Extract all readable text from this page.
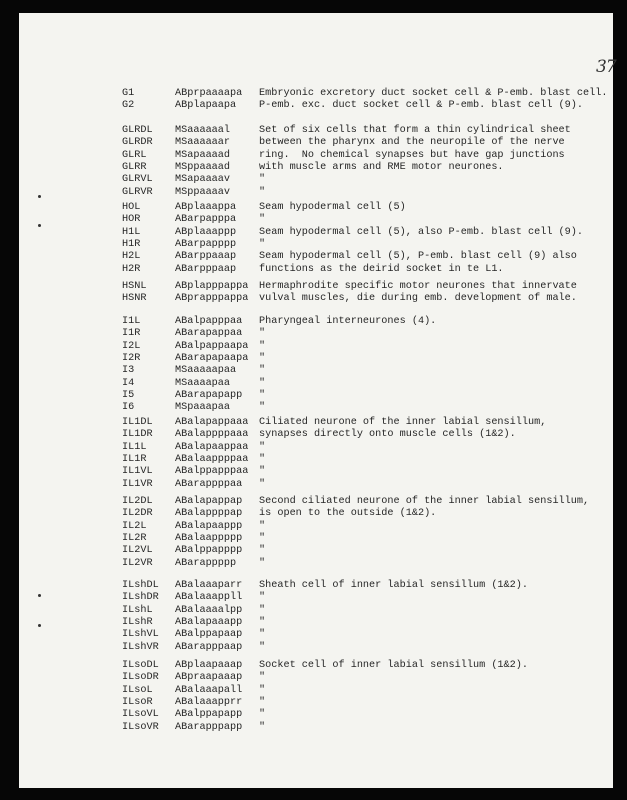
37
G1	ABprpaaaapa Embryonic excretory duct socket cell & P-emb. blast cell.
G2	ABplapaapa P-emb. exc. duct socket cell & P-emb. blast cell (9).
GLRDL MSaaaaaal	Set of six cells that form a thin cylindrical sheet
GLRDR MSaaaaaar	between the pharynx and the neuropile of the nerve
GLRL	MSapaaaad	ring.  No chemical synapses but have gap junctions
GLRR	MSppaaaad	with muscle arms and RME motor neurones.
GLRVL MSapaaaav	"
GLRVR MSppaaaav	"
HOL	ABplaaappa Seam hypodermal cell (5)
HOR	ABarpapppa "
H1L	ABplaaappp Seam hypodermal cell (5), also P-emb. blast cell (9).
H1R	ABarpapppp "
H2L	ABarppaaap Seam hypodermal cell (5), P-emb. blast cell (9) also
H2R	ABarpppaap functions as the deirid socket in te L1.
HSNL	ABplapppappa Hermaphrodite specific motor neurones that innervate
HSNR	ABprapppappa vulval muscles, die during emb. development of male.
I1L	ABalpapppaa Pharyngeal interneurones (4).
I1R	ABarapappaa "
I2L	ABalpappaapa "
I2R	ABarapapaapa "
I3	MSaaaaapaa "
I4	MSaaaapaa	"
I5	ABarapapapp "
I6	MSpaaapaa	"
IL1DL ABalapappaaa Ciliated neurone of the inner labial sensillum,
IL1DR ABalappppaaa synapses directly onto muscle cells (1&2).
IL1L	ABalapaappaa "
IL1R	ABalaappppaa "
IL1VL ABalppapppaa "
IL1VR ABarappppaa "
IL2DL ABalapappap Second ciliated neurone of the inner labial sensillum,
IL2DR ABalappppap is open to the outside (1&2).
IL2L	ABalapaappp "
IL2R	ABalaappppp "
IL2VL ABalppapppp "
IL2VR ABarappppp "
ILshDL ABalaaaparr Sheath cell of inner labial sensillum (1&2).
ILshDR ABalaaappll "
ILshL ABalaaaalpp "
ILshR ABalapaaapp "
ILshVL ABalppapaap "
ILshVR ABarapppaap "
ILsoDL ABplaapaaap Socket cell of inner labial sensillum (1&2).
ILsoDR ABpraapaaap "
ILsoL ABalaaapall "
ILsoR ABalaaapprr "
ILsoVL ABalppapapp "
ILsoVR ABarapppapp "
